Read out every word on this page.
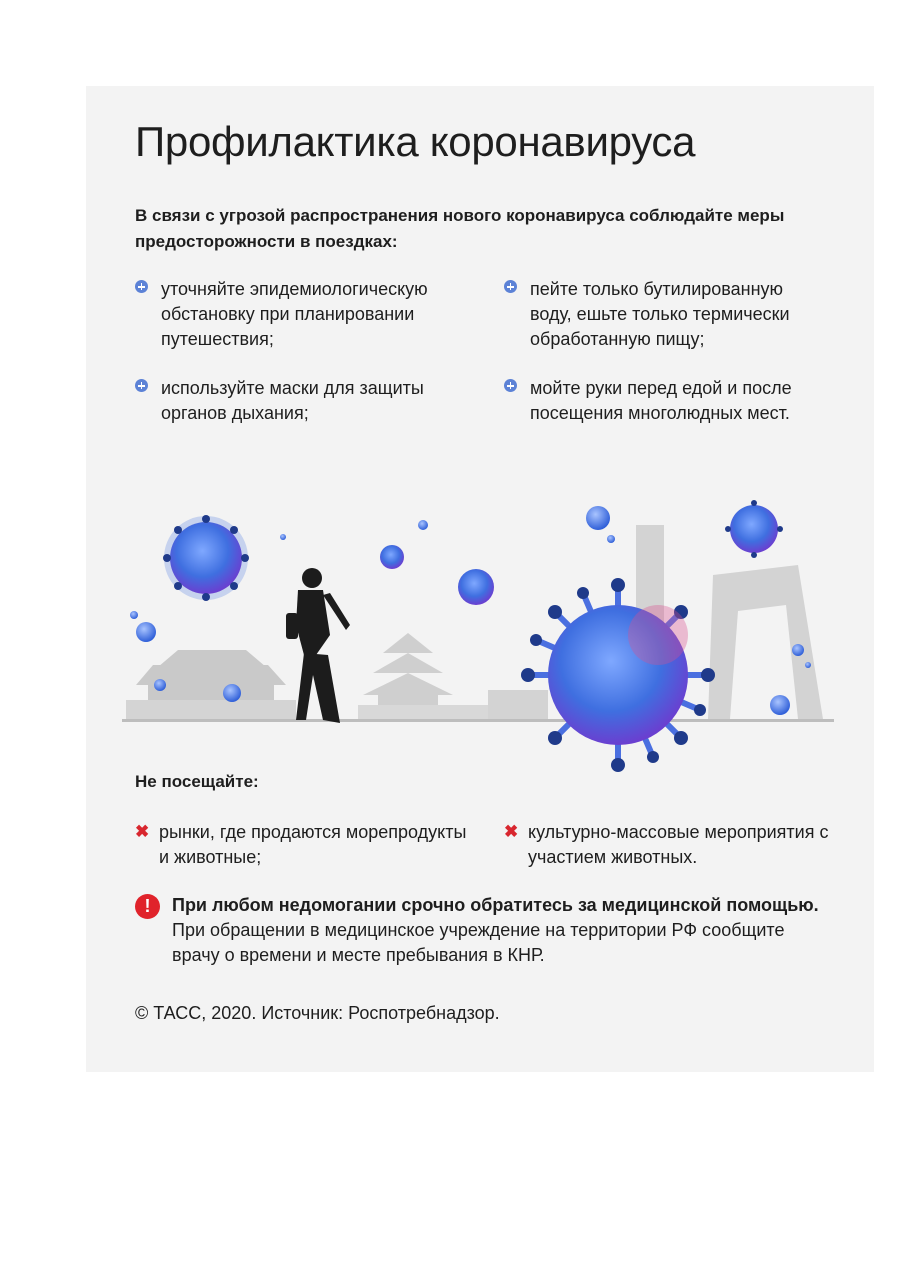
Профилактика коронавируса
В связи с угрозой распространения нового коронавируса соблюдайте меры предосторожности в поездках:
уточняйте эпидемиологическую обстановку при планировании путешествия;
пейте только бутилированную воду, ешьте только термически обработанную пищу;
используйте маски для защиты органов дыхания;
мойте руки перед едой и после посещения многолюдных мест.
Не посещайте:
✖ рынки, где продаются морепродукты и животные;
✖ культурно-массовые мероприятия с участием животных.
!	При любом недомогании срочно обратитесь за медицинской помощью.
При обращении в медицинское учреждение на территории РФ сообщите врачу о времени и месте пребывания в КНР.
© ТАСС, 2020. Источник: Роспотребнадзор.
